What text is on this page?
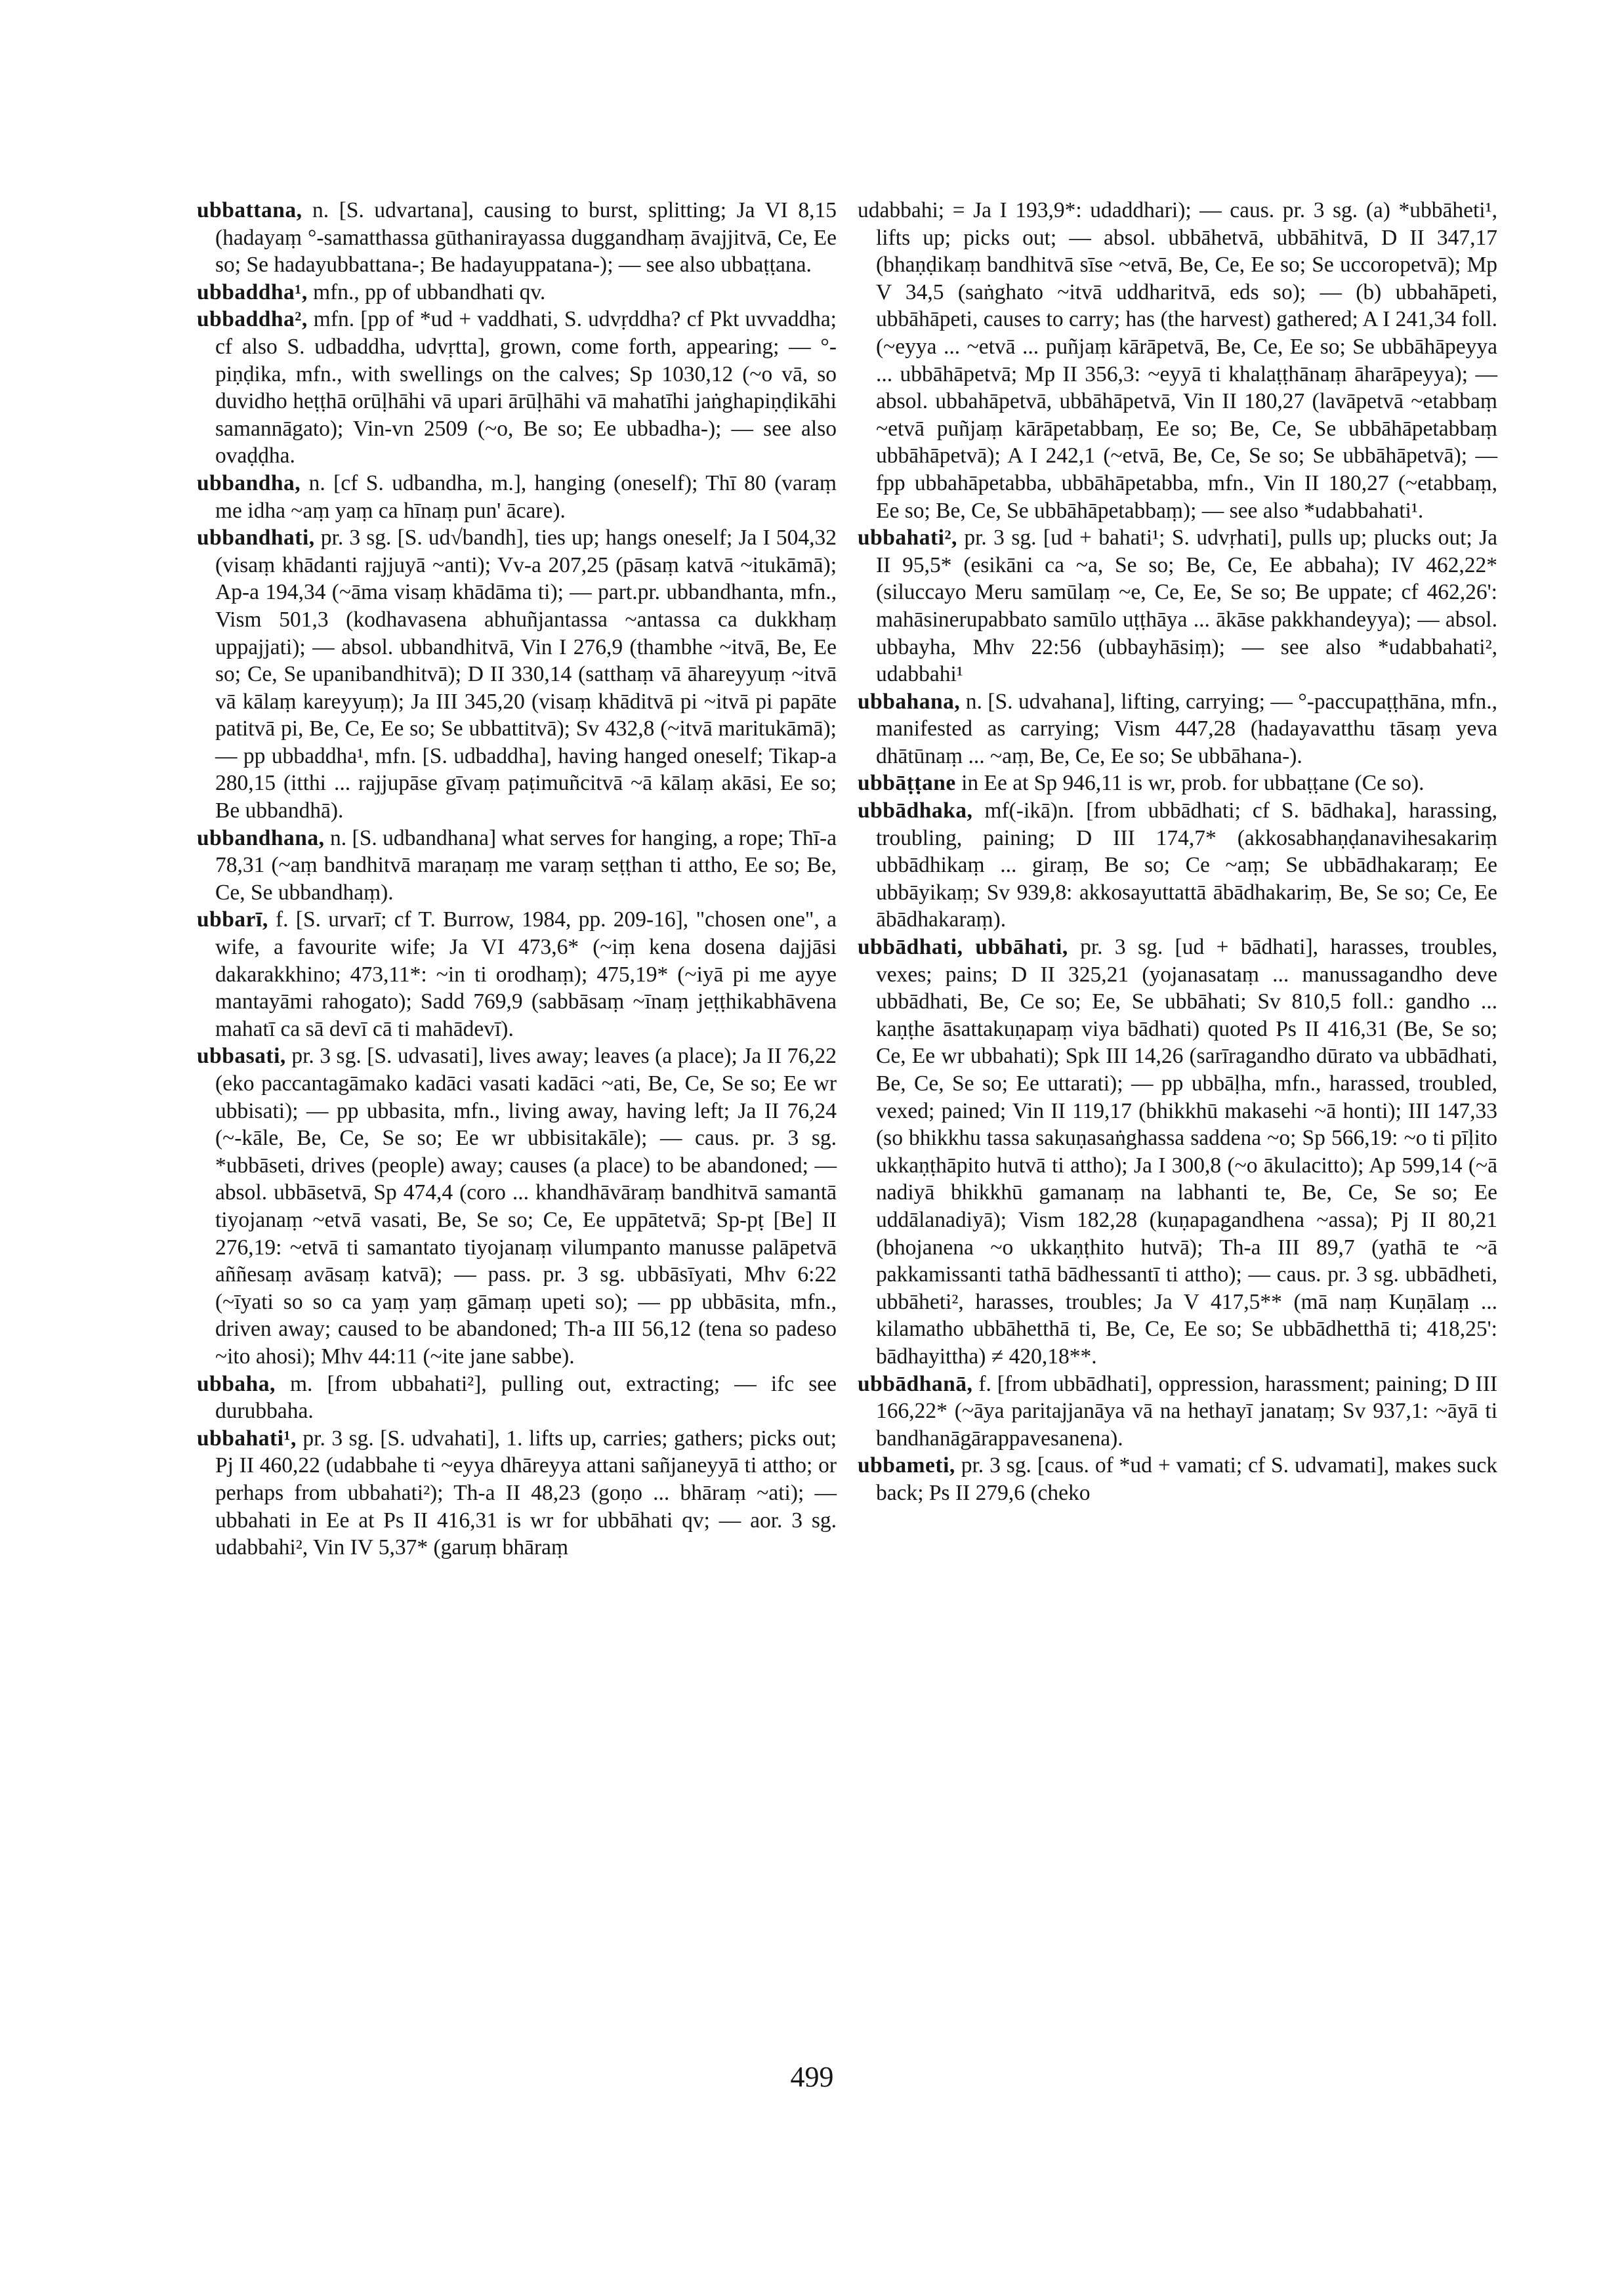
ubbattana, n. [S. udvartana], causing to burst, splitting; Ja VI 8,15 (hadayaṃ °-samatthassa gūthanirayassa duggandhaṃ āvajjitvā, Ce, Ee so; Se hadayubbattana-; Be hadayuppatana-); — see also ubbaṭṭana.

ubbaddha¹, mfn., pp of ubbandhati qv.

ubbaddha², mfn. [pp of *ud + vaddhati, S. udvṛddha? cf Pkt uvvaddha; cf also S. udbaddha, udvṛtta], grown, come forth, appearing; — °-piṇḍika, mfn., with swellings on the calves; Sp 1030,12 (~o vā, so duvidho heṭṭhā orūḷhāhi vā upari ārūḷhāhi vā mahatīhi jaṅghapiṇḍikāhi samannāgato); Vin-vn 2509 (~o, Be so; Ee ubbadha-); — see also ovaḍḍha.

ubbandha, n. [cf S. udbandha, m.], hanging (oneself); Thī 80 (varaṃ me idha ~aṃ yaṃ ca hīnaṃ pun' ācare).

ubbandhati, pr. 3 sg. [S. ud√bandh], ties up; hangs oneself; Ja I 504,32 (visaṃ khādanti rajjuyā ~anti); Vv-a 207,25 (pāsaṃ katvā ~itukāmā); Ap-a 194,34 (~āma visaṃ khādāma ti); — part.pr. ubbandhanta, mfn., Vism 501,3 (kodhavasena abhuñjantassa ~antassa ca dukkhaṃ uppajjati); — absol. ubbandhitvā, Vin I 276,9 (thambhe ~itvā, Be, Ee so; Ce, Se upanibandhitvā); D II 330,14 (satthaṃ vā āhareyyuṃ ~itvā vā kālaṃ kareyyuṃ); Ja III 345,20 (visaṃ khāditvā pi ~itvā pi papāte patitvā pi, Be, Ce, Ee so; Se ubbattitvā); Sv 432,8 (~itvā maritukāmā); — pp ubbaddha¹, mfn. [S. udbaddha], having hanged oneself; Tikap-a 280,15 (itthi ... rajjupāse gīvaṃ paṭimuñcitvā ~ā kālaṃ akāsi, Ee so; Be ubbandhā).

ubbandhana, n. [S. udbandhana] what serves for hanging, a rope; Thī-a 78,31 (~aṃ bandhitvā maraṇaṃ me varaṃ seṭṭhan ti attho, Ee so; Be, Ce, Se ubbandhaṃ).

ubbarī, f. [S. urvarī; cf T. Burrow, 1984, pp. 209-16], "chosen one", a wife, a favourite wife; Ja VI 473,6* (~iṃ kena dosena dajjāsi dakarakkhino; 473,11*: ~in ti orodhaṃ); 475,19* (~iyā pi me ayye mantayāmi rahogato); Sadd 769,9 (sabbāsaṃ ~īnaṃ jeṭṭhikabhāvena mahatī ca sā devī cā ti mahādevī).

ubbasati, pr. 3 sg. [S. udvasati], lives away; leaves (a place); Ja II 76,22 (eko paccantagāmako kadāci vasati kadāci ~ati, Be, Ce, Se so; Ee wr ubbisati); — pp ubbasita, mfn., living away, having left; Ja II 76,24 (~-kāle, Be, Ce, Se so; Ee wr ubbisitakāle); — caus. pr. 3 sg. *ubbāseti, drives (people) away; causes (a place) to be abandoned; — absol. ubbāsetvā, Sp 474,4 (coro ... khandhāvāraṃ bandhitvā samantā tiyojanaṃ ~etvā vasati, Be, Se so; Ce, Ee uppātetvā; Sp-pṭ [Be] II 276,19: ~etvā ti samantato tiyojanaṃ vilumpanto manusse palāpetvā aññesaṃ avāsaṃ katvā); — pass. pr. 3 sg. ubbāsīyati, Mhv 6:22 (~īyati so so ca yaṃ yaṃ gāmaṃ upeti so); — pp ubbāsita, mfn., driven away; caused to be abandoned; Th-a III 56,12 (tena so padeso ~ito ahosi); Mhv 44:11 (~ite jane sabbe).

ubbaha, m. [from ubbahati²], pulling out, extracting; — ifc see durubbaha.

ubbahati¹, pr. 3 sg. [S. udvahati], 1. lifts up, carries; gathers; picks out; Pj II 460,22 (udabbahe ti ~eyya dhāreyya attani sañjaneyyā ti attho; or perhaps from ubbahati²); Th-a II 48,23 (goṇo ... bhāraṃ ~ati); — ubbahati in Ee at Ps II 416,31 is wr for ubbāhati qv; — aor. 3 sg. udabbahi², Vin IV 5,37* (garuṃ bhāraṃ

udabbahi; = Ja I 193,9*: udaddhari); — caus. pr. 3 sg. (a) *ubbāheti¹, lifts up; picks out; — absol. ubbāhetvā, ubbāhitvā, D II 347,17 (bhaṇḍikaṃ bandhitvā sīse ~etvā, Be, Ce, Ee so; Se uccoropetvā); Mp V 34,5 (saṅghato ~itvā uddharitvā, eds so); — (b) ubbahāpeti, ubbāhāpeti, causes to carry; has (the harvest) gathered; A I 241,34 foll. (~eyya ... ~etvā ... puñjaṃ kārāpetvā, Be, Ce, Ee so; Se ubbāhāpeyya ... ubbāhāpetvā; Mp II 356,3: ~eyyā ti khalaṭṭhānaṃ āharāpeyya); — absol. ubbahāpetvā, ubbāhāpetvā, Vin II 180,27 (lavāpetvā ~etabbaṃ ~etvā puñjaṃ kārāpetabbaṃ, Ee so; Be, Ce, Se ubbāhāpetabbaṃ ubbāhāpetvā); A I 242,1 (~etvā, Be, Ce, Se so; Se ubbāhāpetvā); — fpp ubbahāpetabba, ubbāhāpetabba, mfn., Vin II 180,27 (~etabbaṃ, Ee so; Be, Ce, Se ubbāhāpetabbaṃ); — see also *udabbahati¹.

ubbahati², pr. 3 sg. [ud + bahati¹; S. udvṛhati], pulls up; plucks out; Ja II 95,5* (esikāni ca ~a, Se so; Be, Ce, Ee abbaha); IV 462,22* (siluccayo Meru samūlaṃ ~e, Ce, Ee, Se so; Be uppate; cf 462,26': mahāsinerupabbato samūlo uṭṭhāya ... ākāse pakkhandeyya); — absol. ubbayha, Mhv 22:56 (ubbayhāsiṃ); — see also *udabbahati², udabbahi¹

ubbahana, n. [S. udvahana], lifting, carrying; — °-paccupaṭṭhāna, mfn., manifested as carrying; Vism 447,28 (hadayavatthu tāsaṃ yeva dhātūnaṃ ... ~aṃ, Be, Ce, Ee so; Se ubbāhana-).

ubbāṭṭane in Ee at Sp 946,11 is wr, prob. for ubbaṭṭane (Ce so).

ubbādhaka, mf(-ikā)n. [from ubbādhati; cf S. bādhaka], harassing, troubling, paining; D III 174,7* (akkosabhaṇḍanavihesakariṃ ubbādhikaṃ ... giraṃ, Be so; Ce ~aṃ; Se ubbādhakaraṃ; Ee ubbāyikaṃ; Sv 939,8: akkosayuttattā ābādhakariṃ, Be, Se so; Ce, Ee ābādhakaraṃ).

ubbādhati, ubbāhati, pr. 3 sg. [ud + bādhati], harasses, troubles, vexes; pains; D II 325,21 (yojanasataṃ ... manussagandho deve ubbādhati, Be, Ce so; Ee, Se ubbāhati; Sv 810,5 foll.: gandho ... kaṇṭhe āsattakuṇapaṃ viya bādhati) quoted Ps II 416,31 (Be, Se so; Ce, Ee wr ubbahati); Spk III 14,26 (sarīragandho dūrato va ubbādhati, Be, Ce, Se so; Ee uttarati); — pp ubbāḷha, mfn., harassed, troubled, vexed; pained; Vin II 119,17 (bhikkhū makasehi ~ā honti); III 147,33 (so bhikkhu tassa sakuṇasaṅghassa saddena ~o; Sp 566,19: ~o ti pīḷito ukkaṇṭhāpito hutvā ti attho); Ja I 300,8 (~o ākulacitto); Ap 599,14 (~ā nadiyā bhikkhū gamanaṃ na labhanti te, Be, Ce, Se so; Ee uddālanadiyā); Vism 182,28 (kuṇapagandhena ~assa); Pj II 80,21 (bhojanena ~o ukkaṇṭhito hutvā); Th-a III 89,7 (yathā te ~ā pakkamissanti tathā bādhessantī ti attho); — caus. pr. 3 sg. ubbādheti, ubbāheti², harasses, troubles; Ja V 417,5** (mā naṃ Kuṇālaṃ ... kilamatho ubbāhetthā ti, Be, Ce, Ee so; Se ubbādhetthā ti; 418,25': bādhayittha) ≠ 420,18**.

ubbādhanā, f. [from ubbādhati], oppression, harassment; paining; D III 166,22* (~āya paritajjanāya vā na hethayī janataṃ; Sv 937,1: ~āyā ti bandhanāgārappavesanena).

ubbameti, pr. 3 sg. [caus. of *ud + vamati; cf S. udvamati], makes suck back; Ps II 279,6 (cheko

499
